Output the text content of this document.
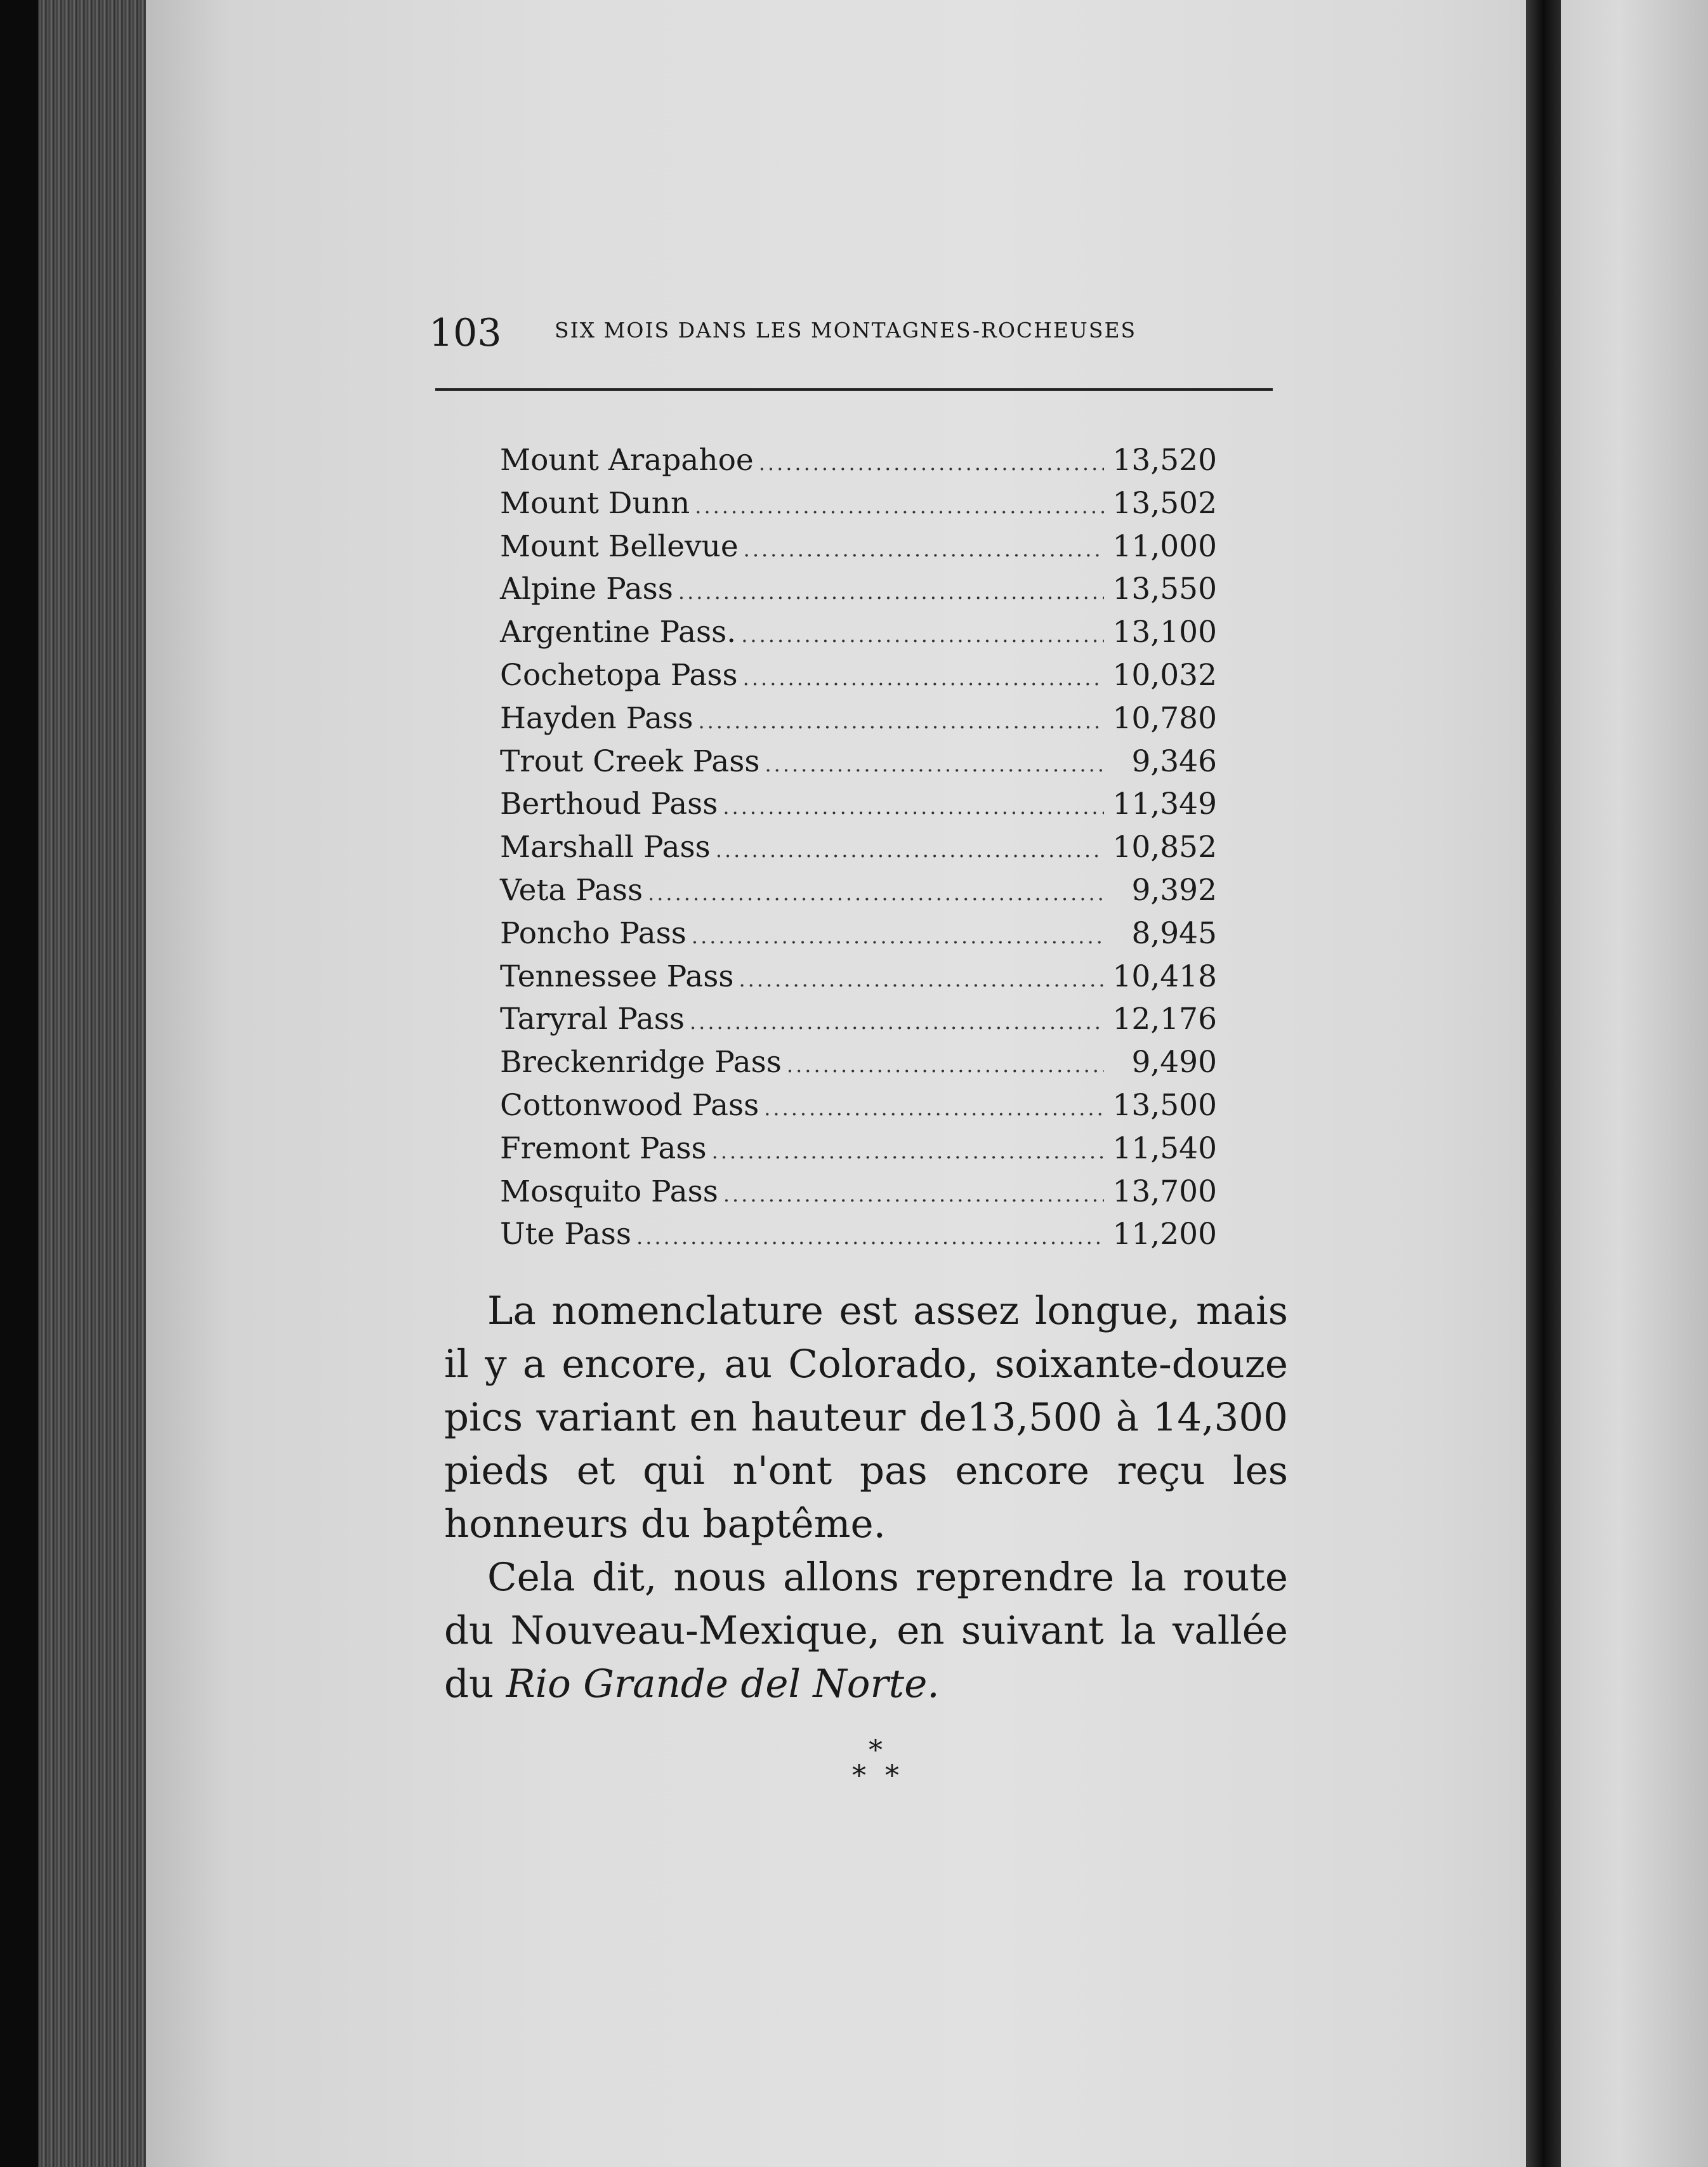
103	SIX MOIS DANS LES MONTAGNES-ROCHEUSES
Mount Arapahoe .....	13,520
Mount Dunn .....	13,502
Mount Bellevue .....	11,000
Alpine Pass .....	13,550
Argentine Pass. .....	13,100
Cochetopa Pass .....	10,032
Hayden Pass .....	10,780
Trout Creek Pass .....	9,346
Berthoud Pass .....	11,349
Marshall Pass .....	10,852
Veta Pass .....	9,392
Poncho Pass .....	8,945
Tennessee Pass .....	10,418
Taryral Pass .....	12,176
Breckenridge Pass .....	9,490
Cottonwood Pass .....	13,500
Fremont Pass .....	11,540
Mosquito Pass .....	13,700
Ute Pass .....	11,200

La nomenclature est assez longue, mais il y a encore, au Colorado, soixante-douze pics variant en hauteur de13,500 à 14,300 pieds et qui n'ont pas encore reçu les honneurs du baptême.

Cela dit, nous allons reprendre la route du Nouveau-Mexique, en suivant la vallée du Rio Grande del Norte.

*
**
